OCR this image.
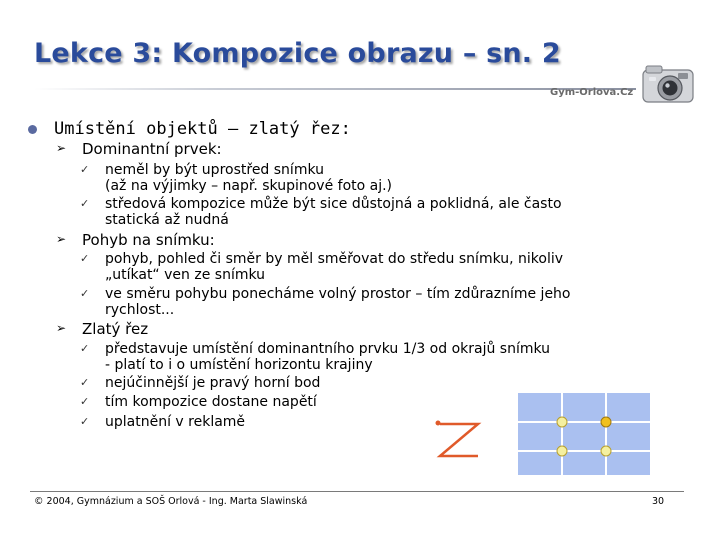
Lekce 3: Kompozice obrazu – sn. 2
Gym-Orlova.Cz
Umístění objektů – zlatý řez:
➢ Dominantní prvek:
✓ neměl by být uprostřed snímku
(až na výjimky – např. skupinové foto aj.)
✓ středová kompozice může být sice důstojná a poklidná, ale často
statická až nudná
➢ Pohyb na snímku:
✓ pohyb, pohled či směr by měl směřovat do středu snímku, nikoliv
„utíkat“ ven ze snímku
✓ ve směru pohybu ponecháme volný prostor – tím zdůrazníme jeho
rychlost...
➢ Zlatý řez
✓ představuje umístění dominantního prvku 1/3 od okrajů snímku
- platí to i o umístění horizontu krajiny
✓ nejúčinnější je pravý horní bod
✓ tím kompozice dostane napětí
✓ uplatnění v reklamě
© 2004, Gymnázium a SOŠ Orlová - Ing. Marta Slawinská	30
